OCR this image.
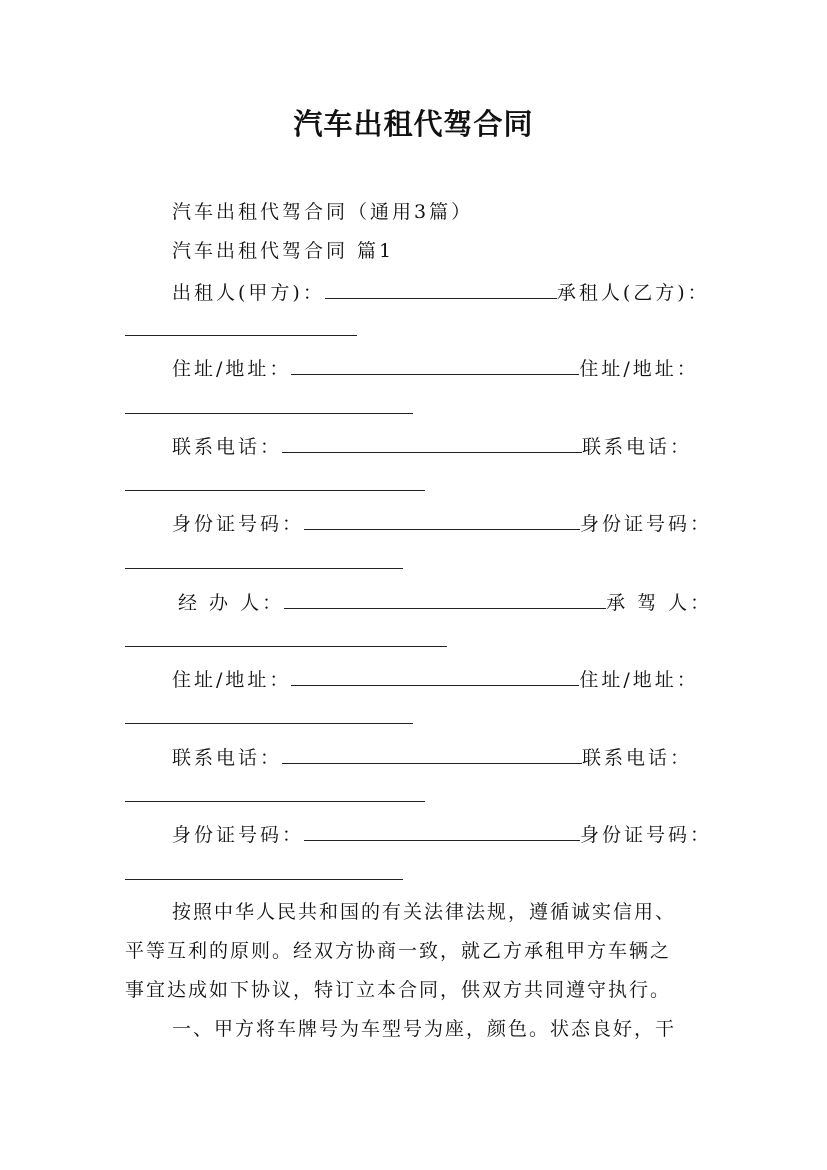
汽车出租代驾合同
汽车出租代驾合同（通用3篇）
汽车出租代驾合同 篇1
出租人(甲方)：	承租人(乙方)：
住址/地址：	住址/地址：
联系电话：	联系电话：
身份证号码：	身份证号码：
经 办 人：	承 驾 人：
住址/地址：	住址/地址：
联系电话：	联系电话：
身份证号码：	身份证号码：
按照中华人民共和国的有关法律法规，遵循诚实信用、
平等互利的原则。经双方协商一致，就乙方承租甲方车辆之
事宜达成如下协议，特订立本合同，供双方共同遵守执行。
一、甲方将车牌号为车型号为座，颜色。状态良好，干
